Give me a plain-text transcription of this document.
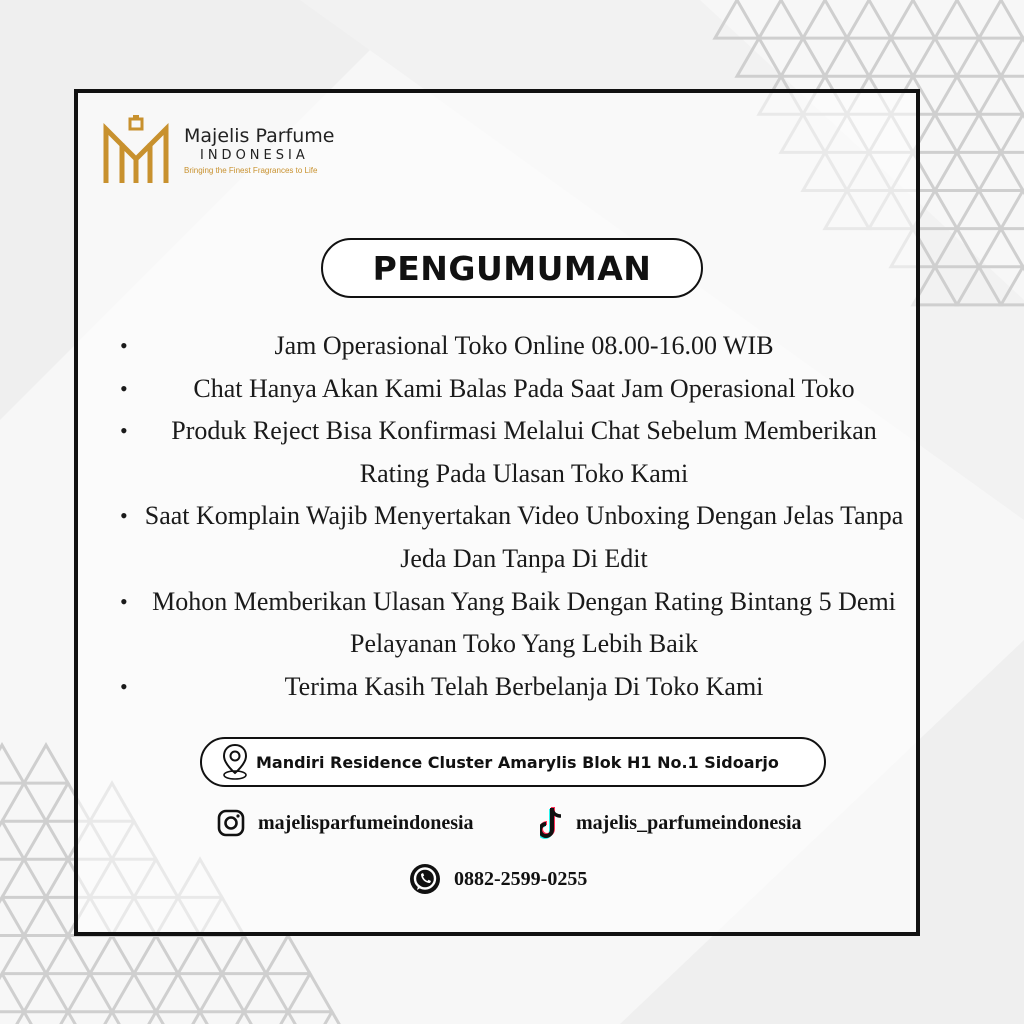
Majelis Parfume
INDONESIA
Bringing the Finest Fragrances to Life
PENGUMUMAN
•	Jam Operasional Toko Online 08.00-16.00 WIB
•	Chat Hanya Akan Kami Balas Pada Saat Jam Operasional Toko
• Produk Reject Bisa Konfirmasi Melalui Chat Sebelum Memberikan Rating Pada Ulasan Toko Kami
• Saat Komplain Wajib Menyertakan Video Unboxing Dengan Jelas Tanpa Jeda Dan Tanpa Di Edit
• Mohon Memberikan Ulasan Yang Baik Dengan Rating Bintang 5 Demi Pelayanan Toko Yang Lebih Baik
•	Terima Kasih Telah Berbelanja Di Toko Kami
Mandiri Residence Cluster Amarylis Blok H1 No.1 Sidoarjo
majelisparfumeindonesia	majelis_parfumeindonesia
0882-2599-0255
